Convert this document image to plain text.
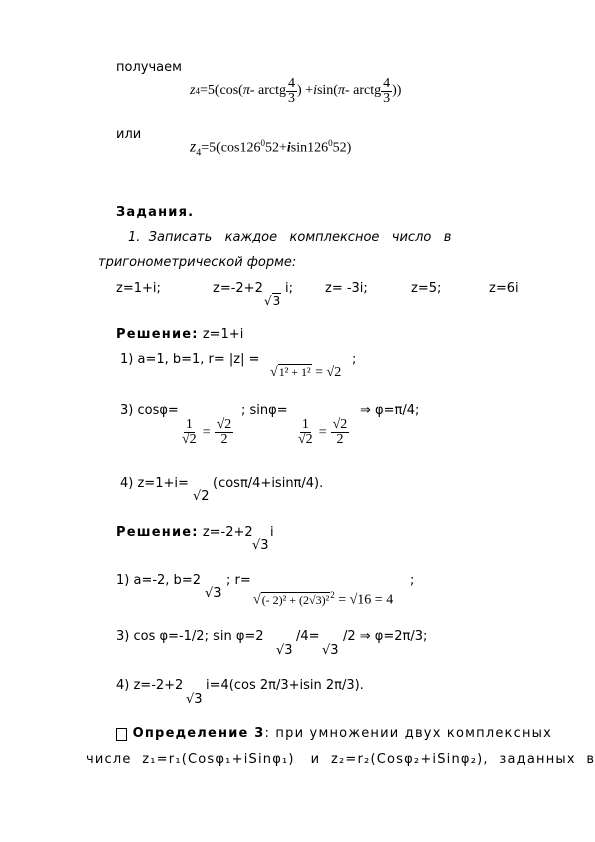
получаем
z 4 =5(cos( π - arctg $\frac{4}{3}$ ) + i sin( π - arctg $\frac{4}{3}$ ))
или
$z_4=5(\cos 126^052+isin126^052)$
Задания.
1.  Записать   каждое   комплексное   число   в
тригонометрической форме:
z=1+i;	z=-2+2
√3
i; z= -3i;	z=5;	z=6i
Решение: z=1+i
1) a=1, b=1, r= |z| =
√1² + 1² = √2
;
3) cosφ=
$\frac{1}{√2} = \frac{√2}{2}$
; sinφ=
$\frac{1}{√2} = \frac{√2}{2}$
⇒ φ=π/4;
4) z=1+i=
√2
(cosπ/4+isinπ/4).
Решение: z=-2+2 i
√3
1) a=-2, b=2
√3
; r=
√(- 2)² + (2√3)²$^2$ = √16 = 4
;
3) cos φ=-1/2; sin φ=2
√3
/4=
√3
/2 ⇒ φ=2π/3;
4) z=-2+2
√3
i=4(cos 2π/3+isin 2π/3).
Определение 3 : при умножении двух комплексных
числе  z₁=r₁(Cosφ₁+iSinφ₁)   и  z₂=r₂(Cosφ₂+iSinφ₂),  заданных  в
